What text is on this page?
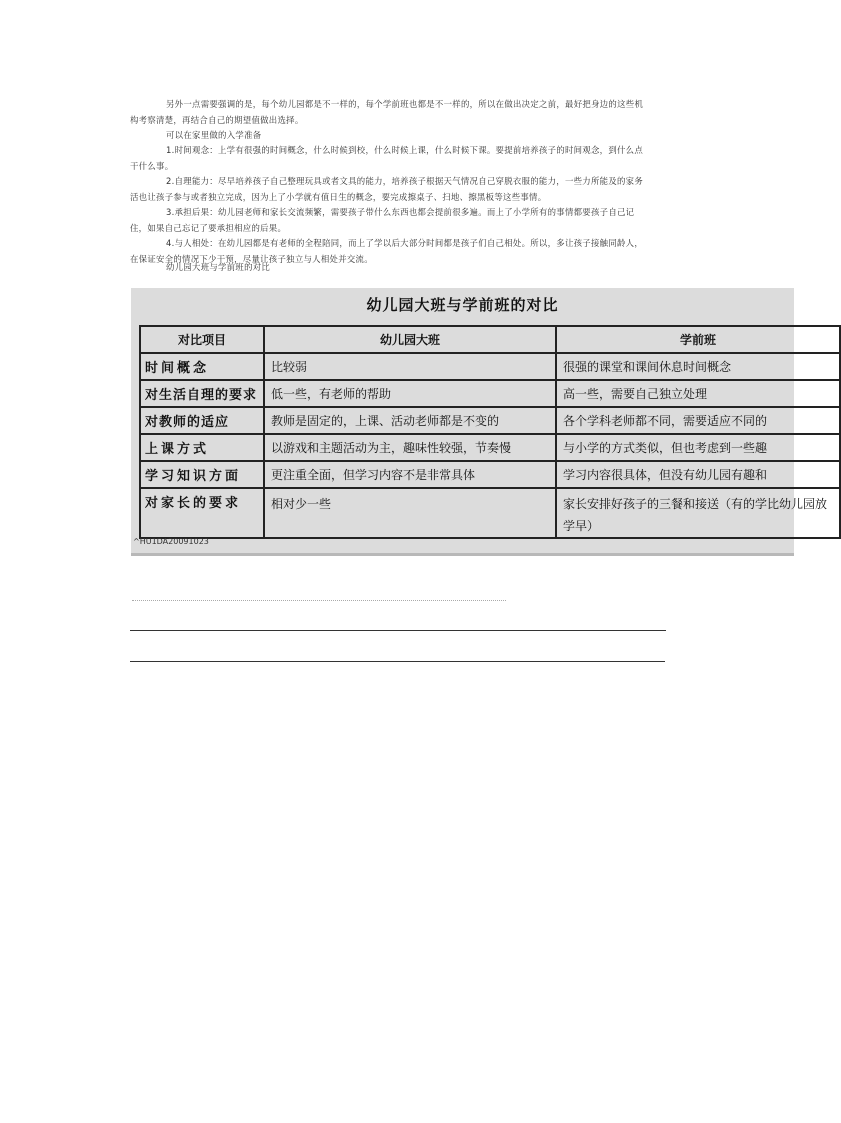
另外一点需要强调的是，每个幼儿园都是不一样的，每个学前班也都是不一样的，所以在做出决定之前，最好把身边的这些机构考察清楚，再结合自己的期望值做出选择。

可以在家里做的入学准备

1.时间观念：上学有很强的时间概念，什么时候到校，什么时候上课，什么时候下课。要提前培养孩子的时间观念，到什么点干什么事。

2.自理能力：尽早培养孩子自己整理玩具或者文具的能力，培养孩子根据天气情况自己穿脱衣服的能力，一些力所能及的家务活也让孩子参与或者独立完成，因为上了小学就有值日生的概念，要完成擦桌子、扫地、擦黑板等这些事情。

3.承担后果：幼儿园老师和家长交流频繁，需要孩子带什么东西也都会提前很多遍。而上了小学所有的事情都要孩子自己记住，如果自己忘记了要承担相应的后果。

4.与人相处：在幼儿园都是有老师的全程陪同，而上了学以后大部分时间都是孩子们自己相处。所以，多让孩子接触同龄人，在保证安全的情况下少干预，尽量让孩子独立与人相处并交流。

幼儿园大班与学前班的对比

幼儿园大班与学前班的对比
对比项目	幼儿园大班	学前班
时间概念	比较弱	很强的课堂和课间休息时间概念
对生活自理的要求	低一些，有老师的帮助	高一些，需要自己独立处理
对教师的适应	教师是固定的，上课、活动老师都是不变的	各个学科老师都不同，需要适应不同的
上课方式	以游戏和主题活动为主，趣味性较强，节奏慢	与小学的方式类似，但也考虑到一些趣
学习知识方面	更注重全面，但学习内容不是非常具体	学习内容很具体，但没有幼儿园有趣和
对家长的要求	相对少一些	家长安排好孩子的三餐和接送（有的学比幼儿园放学早）
^HU1DA20091023
